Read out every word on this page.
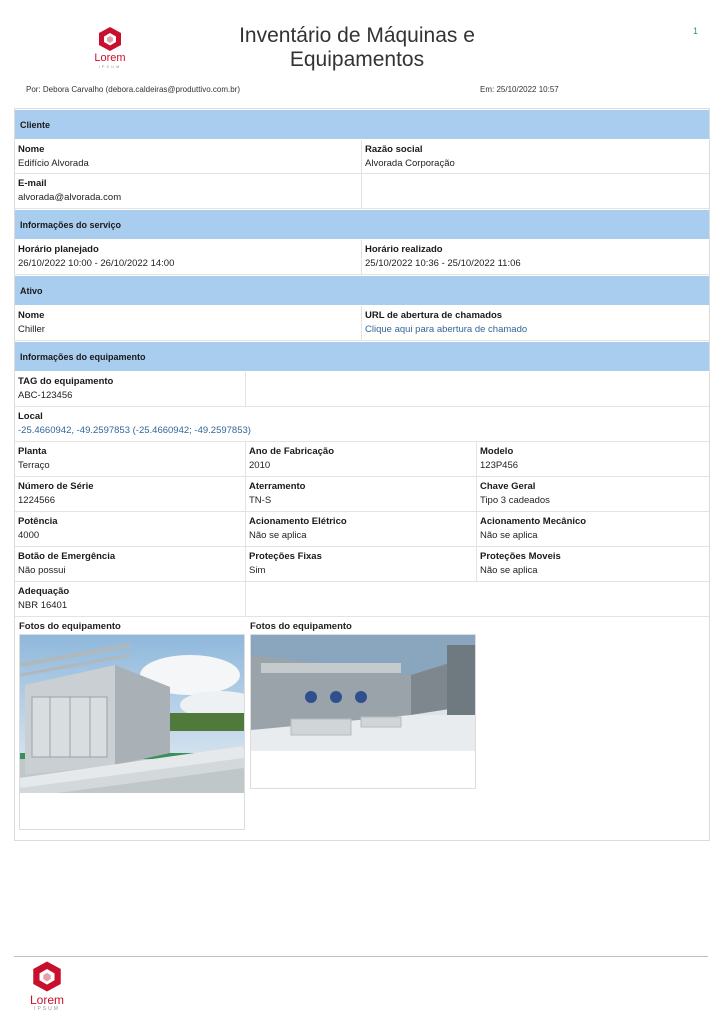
Lorem
IPSUM
Inventário de Máquinas e
Equipamentos
1
Por: Debora Carvalho (debora.caldeiras@produttivo.com.br)	Em: 25/10/2022 10:57
Cliente
Nome
Edifício Alvorada
Razão social
Alvorada Corporação
E-mail
alvorada@alvorada.com
Informações do serviço
Horário planejado
26/10/2022 10:00 - 26/10/2022 14:00
Horário realizado
25/10/2022 10:36 - 25/10/2022 11:06
Ativo
Nome
Chiller
URL de abertura de chamados
Clique aqui para abertura de chamado
Informações do equipamento
TAG do equipamento
ABC-123456
Local
-25.4660942, -49.2597853 (-25.4660942; -49.2597853)
Planta
Terraço
Ano de Fabricação
2010
Modelo
123P456
Número de Série
1224566
Aterramento
TN-S
Chave Geral
Tipo 3 cadeados
Potência
4000
Acionamento Elétrico
Não se aplica
Acionamento Mecânico
Não se aplica
Botão de Emergência
Não possui
Proteções Fixas
Sim
Proteções Moveis
Não se aplica
Adequação
NBR 16401
Fotos do equipamento	Fotos do equipamento
Lorem
IPSUM
